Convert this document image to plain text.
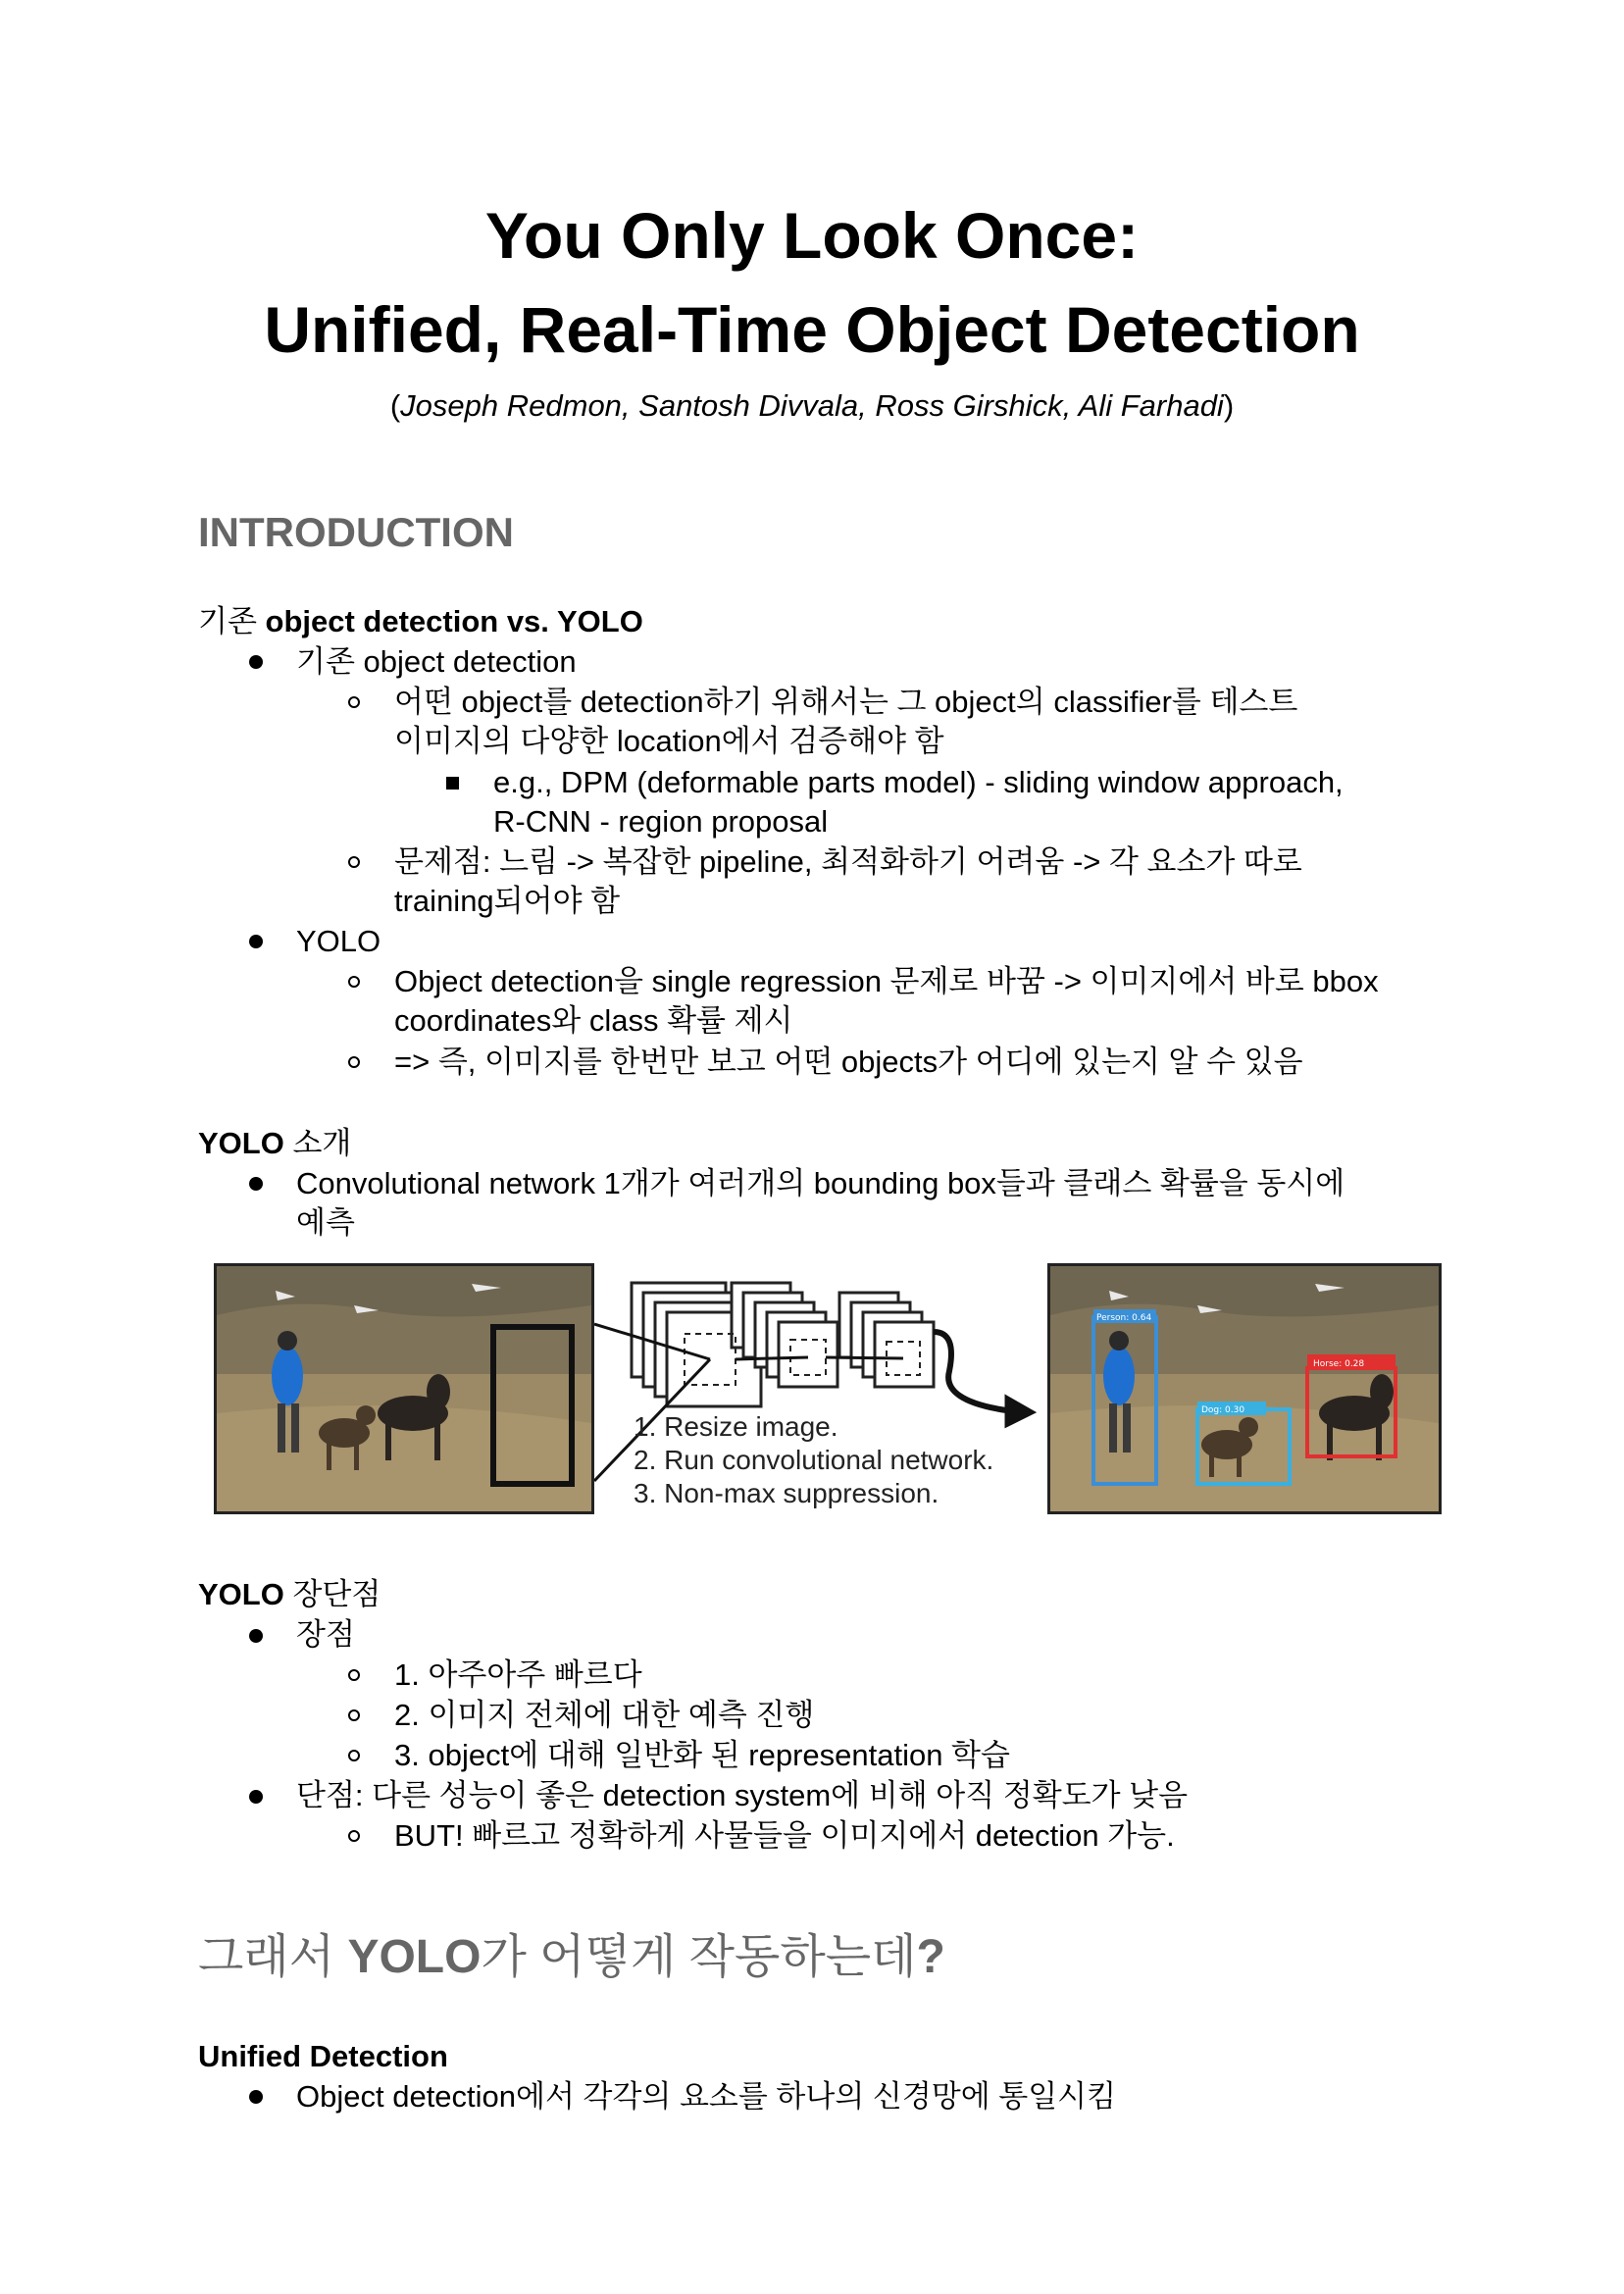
You Only Look Once:
Unified, Real-Time Object Detection
(Joseph Redmon, Santosh Divvala, Ross Girshick, Ali Farhadi)
INTRODUCTION
기존 object detection vs. YOLO
기존 object detection
어떤 object를 detection하기 위해서는 그 object의 classifier를 테스트
이미지의 다양한 location에서 검증해야 함
e.g., DPM (deformable parts model) - sliding window approach,
R-CNN - region proposal
문제점: 느림 -> 복잡한 pipeline, 최적화하기 어려움 -> 각 요소가 따로
training되어야 함
YOLO
Object detection을 single regression 문제로 바꿈 -> 이미지에서 바로 bbox
coordinates와 class 확률 제시
=> 즉, 이미지를 한번만 보고 어떤 objects가 어디에 있는지 알 수 있음
YOLO 소개
Convolutional network 1개가 여러개의 bounding box들과 클래스 확률을 동시에
예측
1. Resize image.
2. Run convolutional network.
3. Non-max suppression.
Person: 0.64
Horse: 0.28
Dog: 0.30
YOLO 장단점
장점
1. 아주아주 빠르다
2. 이미지 전체에 대한 예측 진행
3. object에 대해 일반화 된 representation 학습
단점: 다른 성능이 좋은 detection system에 비해 아직 정확도가 낮음
BUT! 빠르고 정확하게 사물들을 이미지에서 detection 가능.
그래서 YOLO가 어떻게 작동하는데?
Unified Detection
Object detection에서 각각의 요소를 하나의 신경망에 통일시킴
